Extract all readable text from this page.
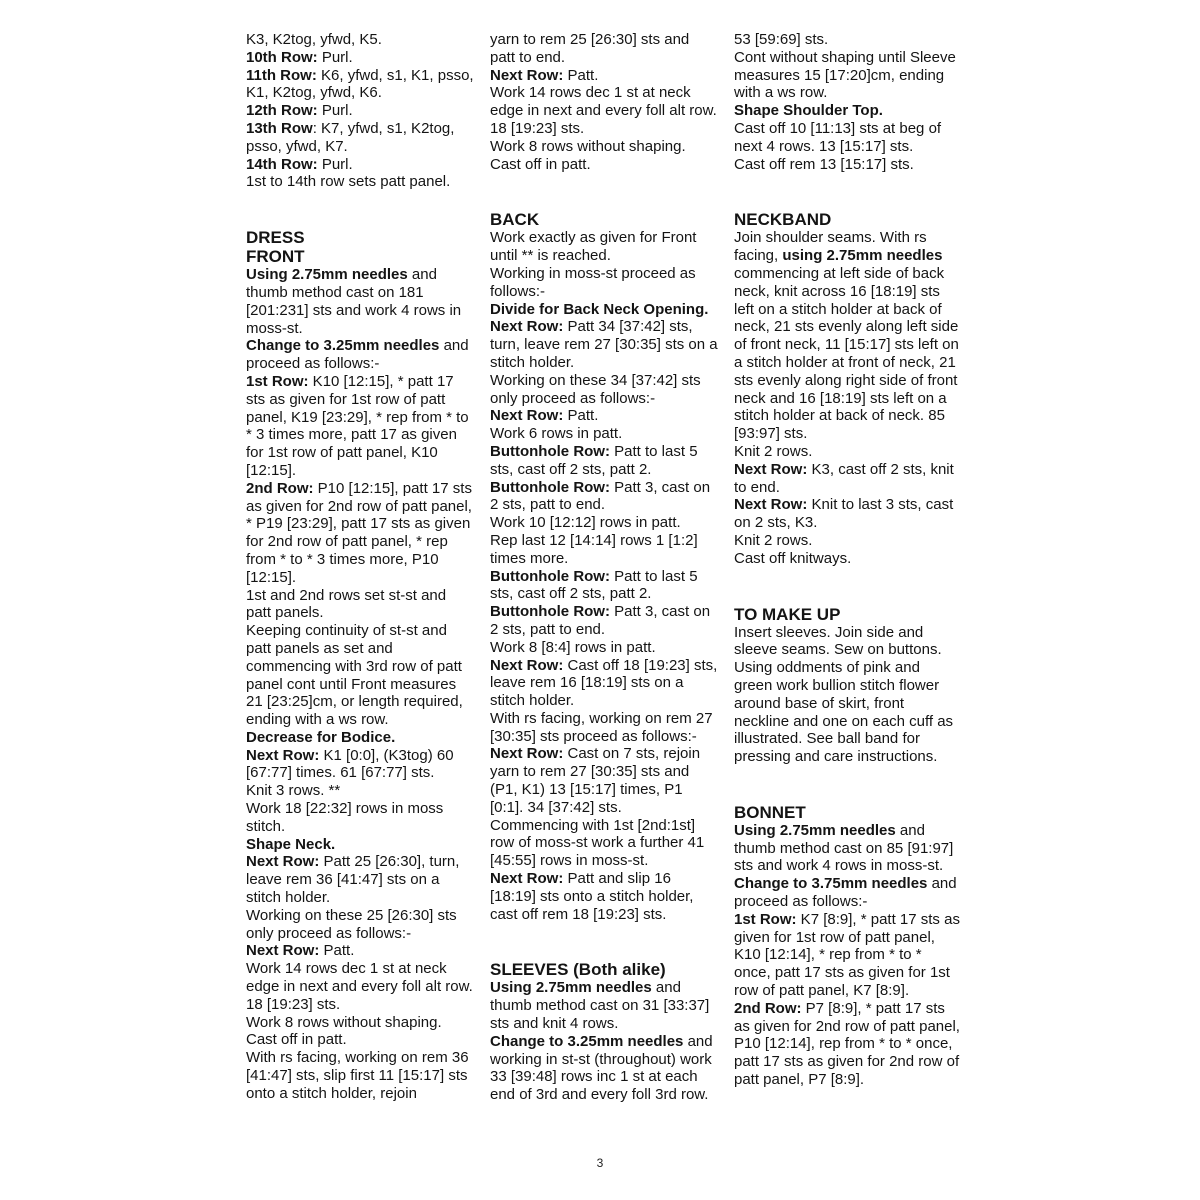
K3, K2tog, yfwd, K5.

10th Row: Purl.

11th Row: K6, yfwd, s1, K1, psso, K1, K2tog, yfwd, K6.

12th Row: Purl.

13th Row: K7, yfwd, s1, K2tog, psso, yfwd, K7.

14th Row: Purl.

1st to 14th row sets patt panel.

DRESS

FRONT

Using 2.75mm needles and thumb method cast on 181 [201:231] sts and work 4 rows in moss-st.

Change to 3.25mm needles and proceed as follows:-

1st Row: K10 [12:15], * patt 17 sts as given for 1st row of patt panel, K19 [23:29], * rep from * to * 3 times more, patt 17 as given for 1st row of patt panel, K10 [12:15].

2nd Row: P10 [12:15], patt 17 sts as given for 2nd row of patt panel, * P19 [23:29], patt 17 sts as given for 2nd row of patt panel, * rep from * to * 3 times more, P10 [12:15].

1st and 2nd rows set st-st and patt panels.

Keeping continuity of st-st and patt panels as set and commencing with 3rd row of patt panel cont until Front measures 21 [23:25]cm, or length required, ending with a ws row.

Decrease for Bodice.

Next Row: K1 [0:0], (K3tog) 60 [67:77] times. 61 [67:77] sts.

Knit 3 rows. **

Work 18 [22:32] rows in moss stitch.

Shape Neck.

Next Row: Patt 25 [26:30], turn, leave rem 36 [41:47] sts on a stitch holder.

Working on these 25 [26:30] sts only proceed as follows:-

Next Row: Patt.

Work 14 rows dec 1 st at neck edge in next and every foll alt row. 18 [19:23] sts.

Work 8 rows without shaping.

Cast off in patt.

With rs facing, working on rem 36 [41:47] sts, slip first 11 [15:17] sts onto a stitch holder, rejoin

yarn to rem 25 [26:30] sts and patt to end.

Next Row: Patt.

Work 14 rows dec 1 st at neck edge in next and every foll alt row. 18 [19:23] sts.

Work 8 rows without shaping.

Cast off in patt.

BACK

Work exactly as given for Front until ** is reached.

Working in moss-st proceed as follows:-

Divide for Back Neck Opening.

Next Row: Patt 34 [37:42] sts, turn, leave rem 27 [30:35] sts on a stitch holder.

Working on these 34 [37:42] sts only proceed as follows:-

Next Row: Patt.

Work 6 rows in patt.

Buttonhole Row: Patt to last 5 sts, cast off 2 sts, patt 2.

Buttonhole Row: Patt 3, cast on 2 sts, patt to end.

Work 10 [12:12] rows in patt.

Rep last 12 [14:14] rows 1 [1:2] times more.

Buttonhole Row: Patt to last 5 sts, cast off 2 sts, patt 2.

Buttonhole Row: Patt 3, cast on 2 sts, patt to end.

Work 8 [8:4] rows in patt.

Next Row: Cast off 18 [19:23] sts, leave rem 16 [18:19] sts on a stitch holder.

With rs facing, working on rem 27 [30:35] sts proceed as follows:-

Next Row: Cast on 7 sts, rejoin yarn to rem 27 [30:35] sts and (P1, K1) 13 [15:17] times, P1 [0:1]. 34 [37:42] sts.

Commencing with 1st [2nd:1st] row of moss-st work a further 41 [45:55] rows in moss-st.

Next Row: Patt and slip 16 [18:19] sts onto a stitch holder, cast off rem 18 [19:23] sts.

SLEEVES (Both alike)

Using 2.75mm needles and thumb method cast on 31 [33:37] sts and knit 4 rows.

Change to 3.25mm needles and working in st-st (throughout) work 33 [39:48] rows inc 1 st at each end of 3rd and every foll 3rd row.

53 [59:69] sts.

Cont without shaping until Sleeve measures 15 [17:20]cm, ending with a ws row.

Shape Shoulder Top.

Cast off 10 [11:13] sts at beg of next 4 rows. 13 [15:17] sts.

Cast off rem 13 [15:17] sts.

NECKBAND

Join shoulder seams. With rs facing, using 2.75mm needles commencing at left side of back neck, knit across 16 [18:19] sts left on a stitch holder at back of neck, 21 sts evenly along left side of front neck, 11 [15:17] sts left on a stitch holder at front of neck, 21 sts evenly along right side of front neck and 16 [18:19] sts left on a stitch holder at back of neck. 85 [93:97] sts.

Knit 2 rows.

Next Row: K3, cast off 2 sts, knit to end.

Next Row: Knit to last 3 sts, cast on 2 sts, K3.

Knit 2 rows.

Cast off knitways.

TO MAKE UP

Insert sleeves. Join side and sleeve seams. Sew on buttons. Using oddments of pink and green work bullion stitch flower around base of skirt, front neckline and one on each cuff as illustrated. See ball band for pressing and care instructions.

BONNET

Using 2.75mm needles and thumb method cast on 85 [91:97] sts and work 4 rows in moss-st.

Change to 3.75mm needles and proceed as follows:-

1st Row: K7 [8:9], * patt 17 sts as given for 1st row of patt panel, K10 [12:14], * rep from * to * once, patt 17 sts as given for 1st row of patt panel, K7 [8:9].

2nd Row: P7 [8:9], * patt 17 sts as given for 2nd row of patt panel, P10 [12:14], rep from * to * once, patt 17 sts as given for 2nd row of patt panel, P7 [8:9].

3
